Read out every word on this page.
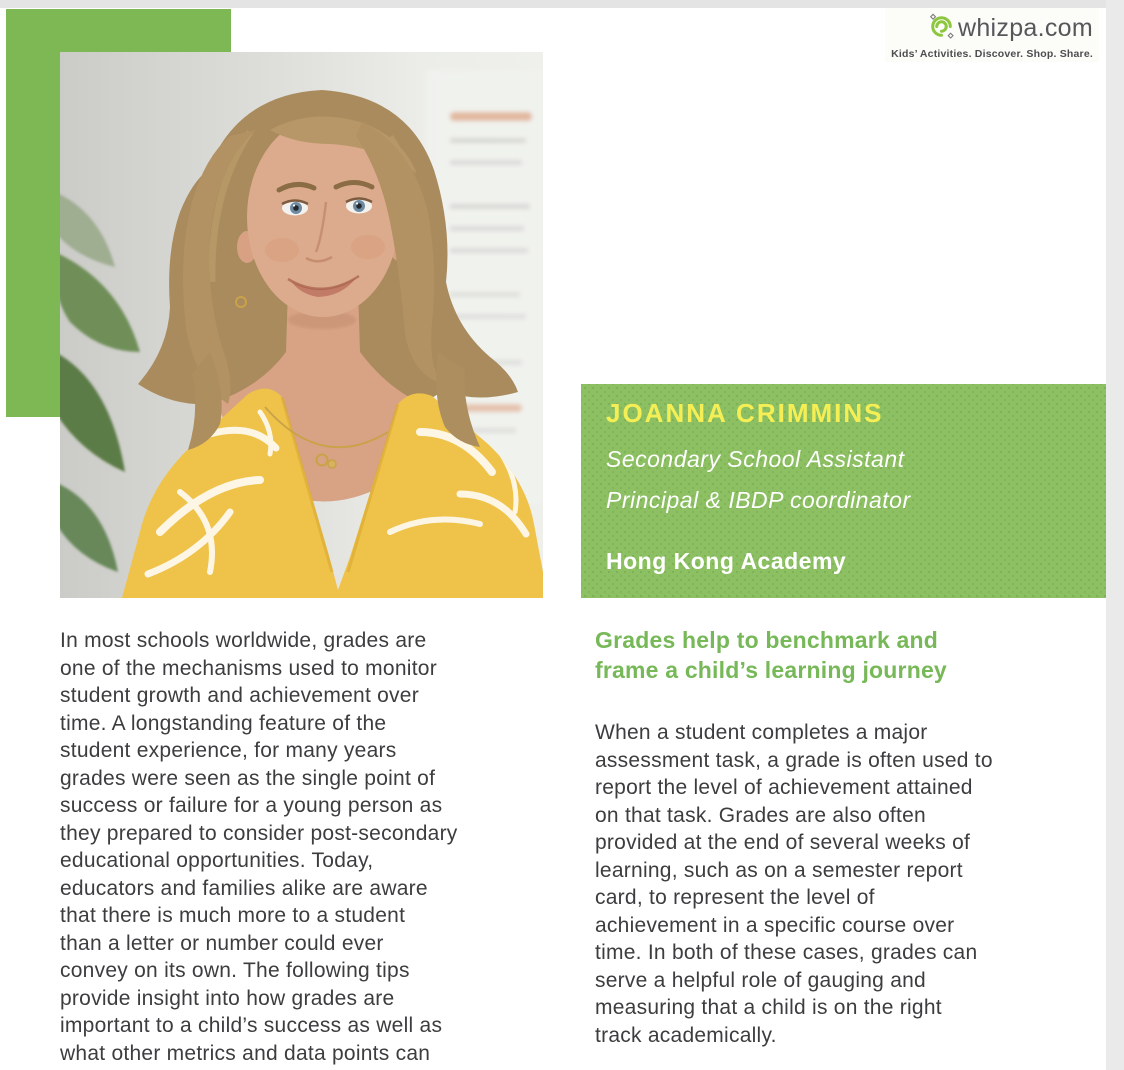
whizpa.com
Kids’ Activities. Discover. Shop. Share.
JOANNA CRIMMINS
Secondary School Assistant
Principal & IBDP coordinator
Hong Kong Academy
In most schools worldwide, grades are
one of the mechanisms used to monitor
student growth and achievement over
time. A longstanding feature of the
student experience, for many years
grades were seen as the single point of
success or failure for a young person as
they prepared to consider post-secondary
educational opportunities. Today,
educators and families alike are aware
that there is much more to a student
than a letter or number could ever
convey on its own. The following tips
provide insight into how grades are
important to a child’s success as well as
what other metrics and data points can
Grades help to benchmark and
frame a child’s learning journey
When a student completes a major
assessment task, a grade is often used to
report the level of achievement attained
on that task. Grades are also often
provided at the end of several weeks of
learning, such as on a semester report
card, to represent the level of
achievement in a specific course over
time. In both of these cases, grades can
serve a helpful role of gauging and
measuring that a child is on the right
track academically.
